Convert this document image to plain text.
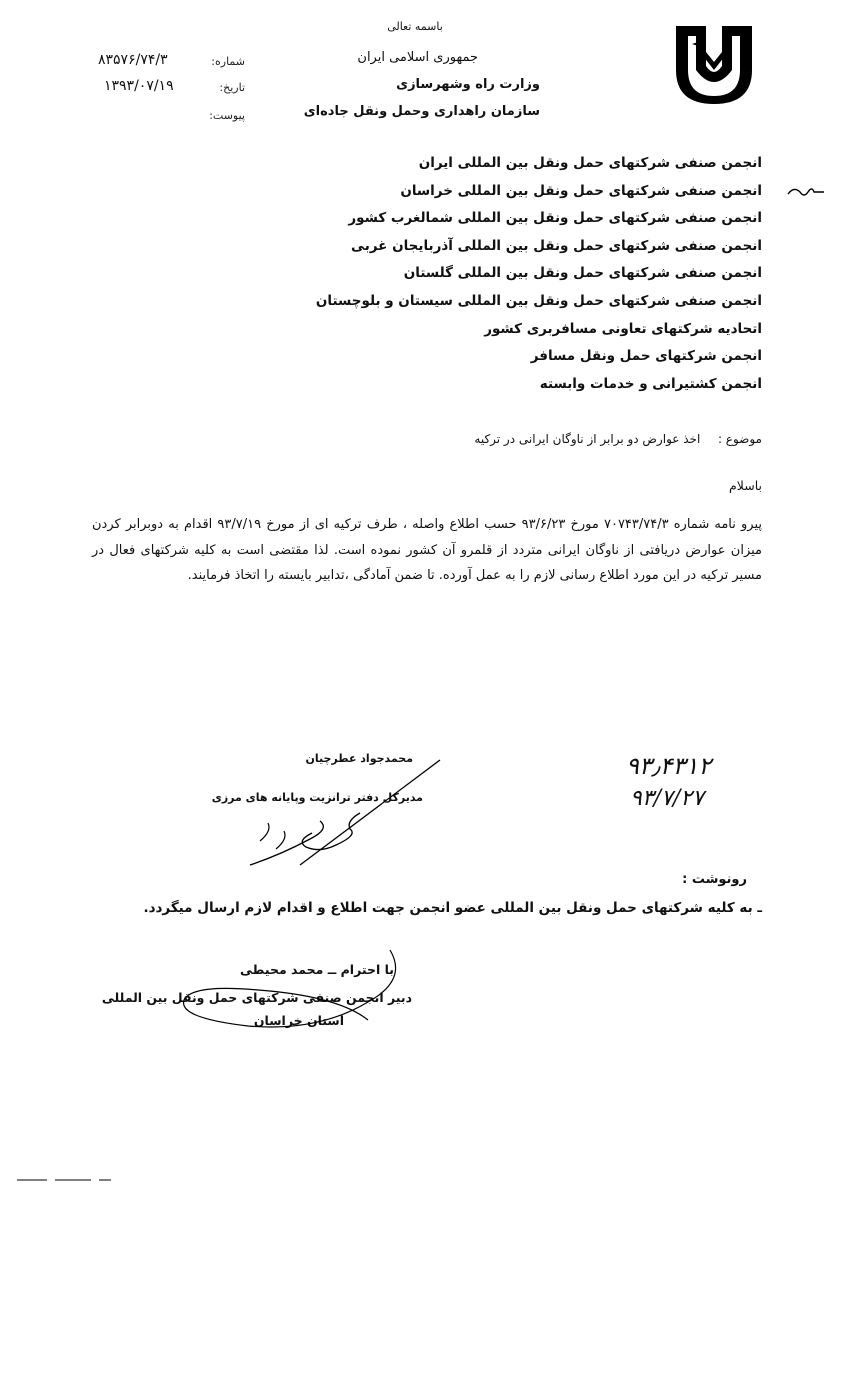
باسمه تعالی
جمهوری اسلامی ایران
وزارت راه وشهرسازی
سازمان راهداری وحمل ونقل جاده‌ای
شماره:
۸۳۵۷۶/۷۴/۳
تاریخ:
۱۳۹۳/۰۷/۱۹
پیوست:
انجمن صنفی شرکتهای حمل ونقل بین المللی ایران
انجمن صنفی شرکتهای حمل ونقل بین المللی خراسان
انجمن صنفی شرکتهای حمل ونقل بین المللی شمالغرب کشور
انجمن صنفی شرکتهای حمل ونقل بین المللی آذربایجان غربی
انجمن صنفی شرکتهای حمل ونقل بین المللی گلستان
انجمن صنفی شرکتهای حمل ونقل بین المللی سیستان و بلوچستان
اتحادیه شرکتهای تعاونی مسافربری کشور
انجمن شرکتهای حمل ونقل مسافر
انجمن کشتیرانی و خدمات وابسته
موضوع :  اخذ عوارض دو برابر از ناوگان ایرانی در ترکیه
باسلام
پیرو نامه شماره ۷۰۷۴۳/۷۴/۳ مورخ ۹۳/۶/۲۳ حسب اطلاع واصله ، طرف ترکیه ای از مورخ ۹۳/۷/۱۹ اقدام به دوبرابر کردن میزان عوارض دریافتی از ناوگان ایرانی متردد از قلمرو آن کشور نموده است. لذا مقتضی است به کلیه شرکتهای فعال در مسیر ترکیه در این مورد اطلاع رسانی لازم را به عمل آورده. تا ضمن آمادگی ،تدابیر بایسته را اتخاذ فرمایند.
۹۳٫۴۳۱۲
۹۳/۷/۲۷
محمدجواد عطرچیان
مدیرکل دفتر ترانزیت وپایانه های مرزی
رونوشت :
ـ به کلیه شرکتهای حمل ونقل بین المللی عضو انجمن جهت اطلاع و اقدام لازم ارسال میگردد.
با احترام ــ محمد محیطی
دبیر انجمن صنفی شرکتهای حمل ونقل بین المللی
استان خراسان
